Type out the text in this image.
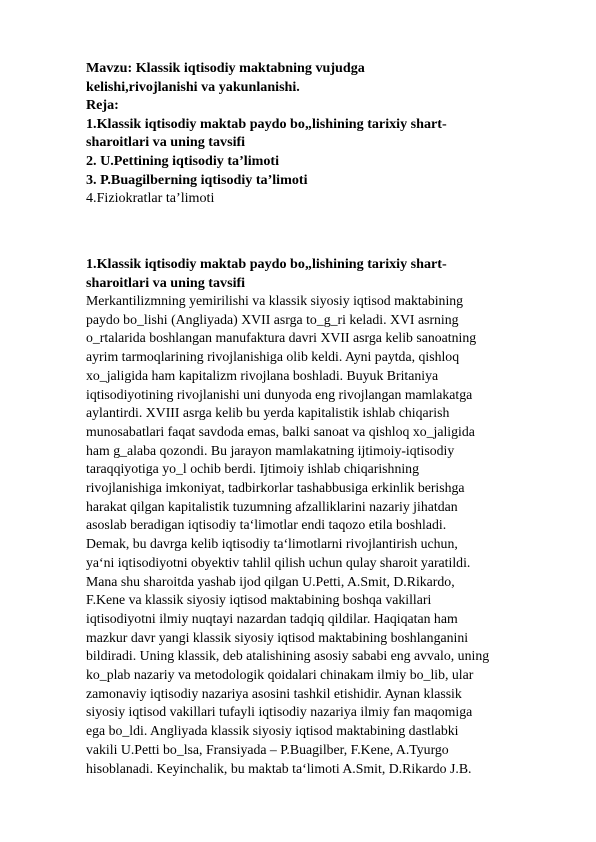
Mavzu: Klassik iqtisodiy maktabning vujudga
kelishi,rivojlanishi va yakunlanishi.
Reja:
1.Klassik iqtisodiy maktab paydo bo„lishining tarixiy shart-
sharoitlari va uning tavsifi
2. U.Pettining iqtisodiy ta’limoti
3. P.Buagilberning iqtisodiy ta’limoti
4.Fiziokratlar ta’limoti
1.Klassik iqtisodiy maktab paydo bo„lishining tarixiy shart-
sharoitlari va uning tavsifi
Merkantilizmning yemirilishi va klassik siyosiy iqtisod maktabining
paydo bo_lishi (Angliyada) XVII asrga to_g_ri keladi. XVI asrning
o_rtalarida boshlangan manufaktura davri XVII asrga kelib sanoatning
ayrim tarmoqlarining rivojlanishiga olib keldi. Ayni paytda, qishloq
xo_jaligida ham kapitalizm rivojlana boshladi. Buyuk Britaniya
iqtisodiyotining rivojlanishi uni dunyoda eng rivojlangan mamlakatga
aylantirdi. XVIII asrga kelib bu yerda kapitalistik ishlab chiqarish
munosabatlari faqat savdoda emas, balki sanoat va qishloq xo_jaligida
ham g_alaba qozondi. Bu jarayon mamlakatning ijtimoiy-iqtisodiy
taraqqiyotiga yo_l ochib berdi. Ijtimoiy ishlab chiqarishning
rivojlanishiga imkoniyat, tadbirkorlar tashabbusiga erkinlik berishga
harakat qilgan kapitalistik tuzumning afzalliklarini nazariy jihatdan
asoslab beradigan iqtisodiy ta‘limotlar endi taqozo etila boshladi.
Demak, bu davrga kelib iqtisodiy ta‘limotlarni rivojlantirish uchun,
ya‘ni iqtisodiyotni obyektiv tahlil qilish uchun qulay sharoit yaratildi.
Mana shu sharoitda yashab ijod qilgan U.Petti, A.Smit, D.Rikardo,
F.Kene va klassik siyosiy iqtisod maktabining boshqa vakillari
iqtisodiyotni ilmiy nuqtayi nazardan tadqiq qildilar. Haqiqatan ham
mazkur davr yangi klassik siyosiy iqtisod maktabining boshlanganini
bildiradi. Uning klassik, deb atalishining asosiy sababi eng avvalo, uning
ko_plab nazariy va metodologik qoidalari chinakam ilmiy bo_lib, ular
zamonaviy iqtisodiy nazariya asosini tashkil etishidir. Aynan klassik
siyosiy iqtisod vakillari tufayli iqtisodiy nazariya ilmiy fan maqomiga
ega bo_ldi. Angliyada klassik siyosiy iqtisod maktabining dastlabki
vakili U.Petti bo_lsa, Fransiyada – P.Buagilber, F.Kene, A.Tyurgo
hisoblanadi. Keyinchalik, bu maktab ta‘limoti A.Smit, D.Rikardo J.B.
